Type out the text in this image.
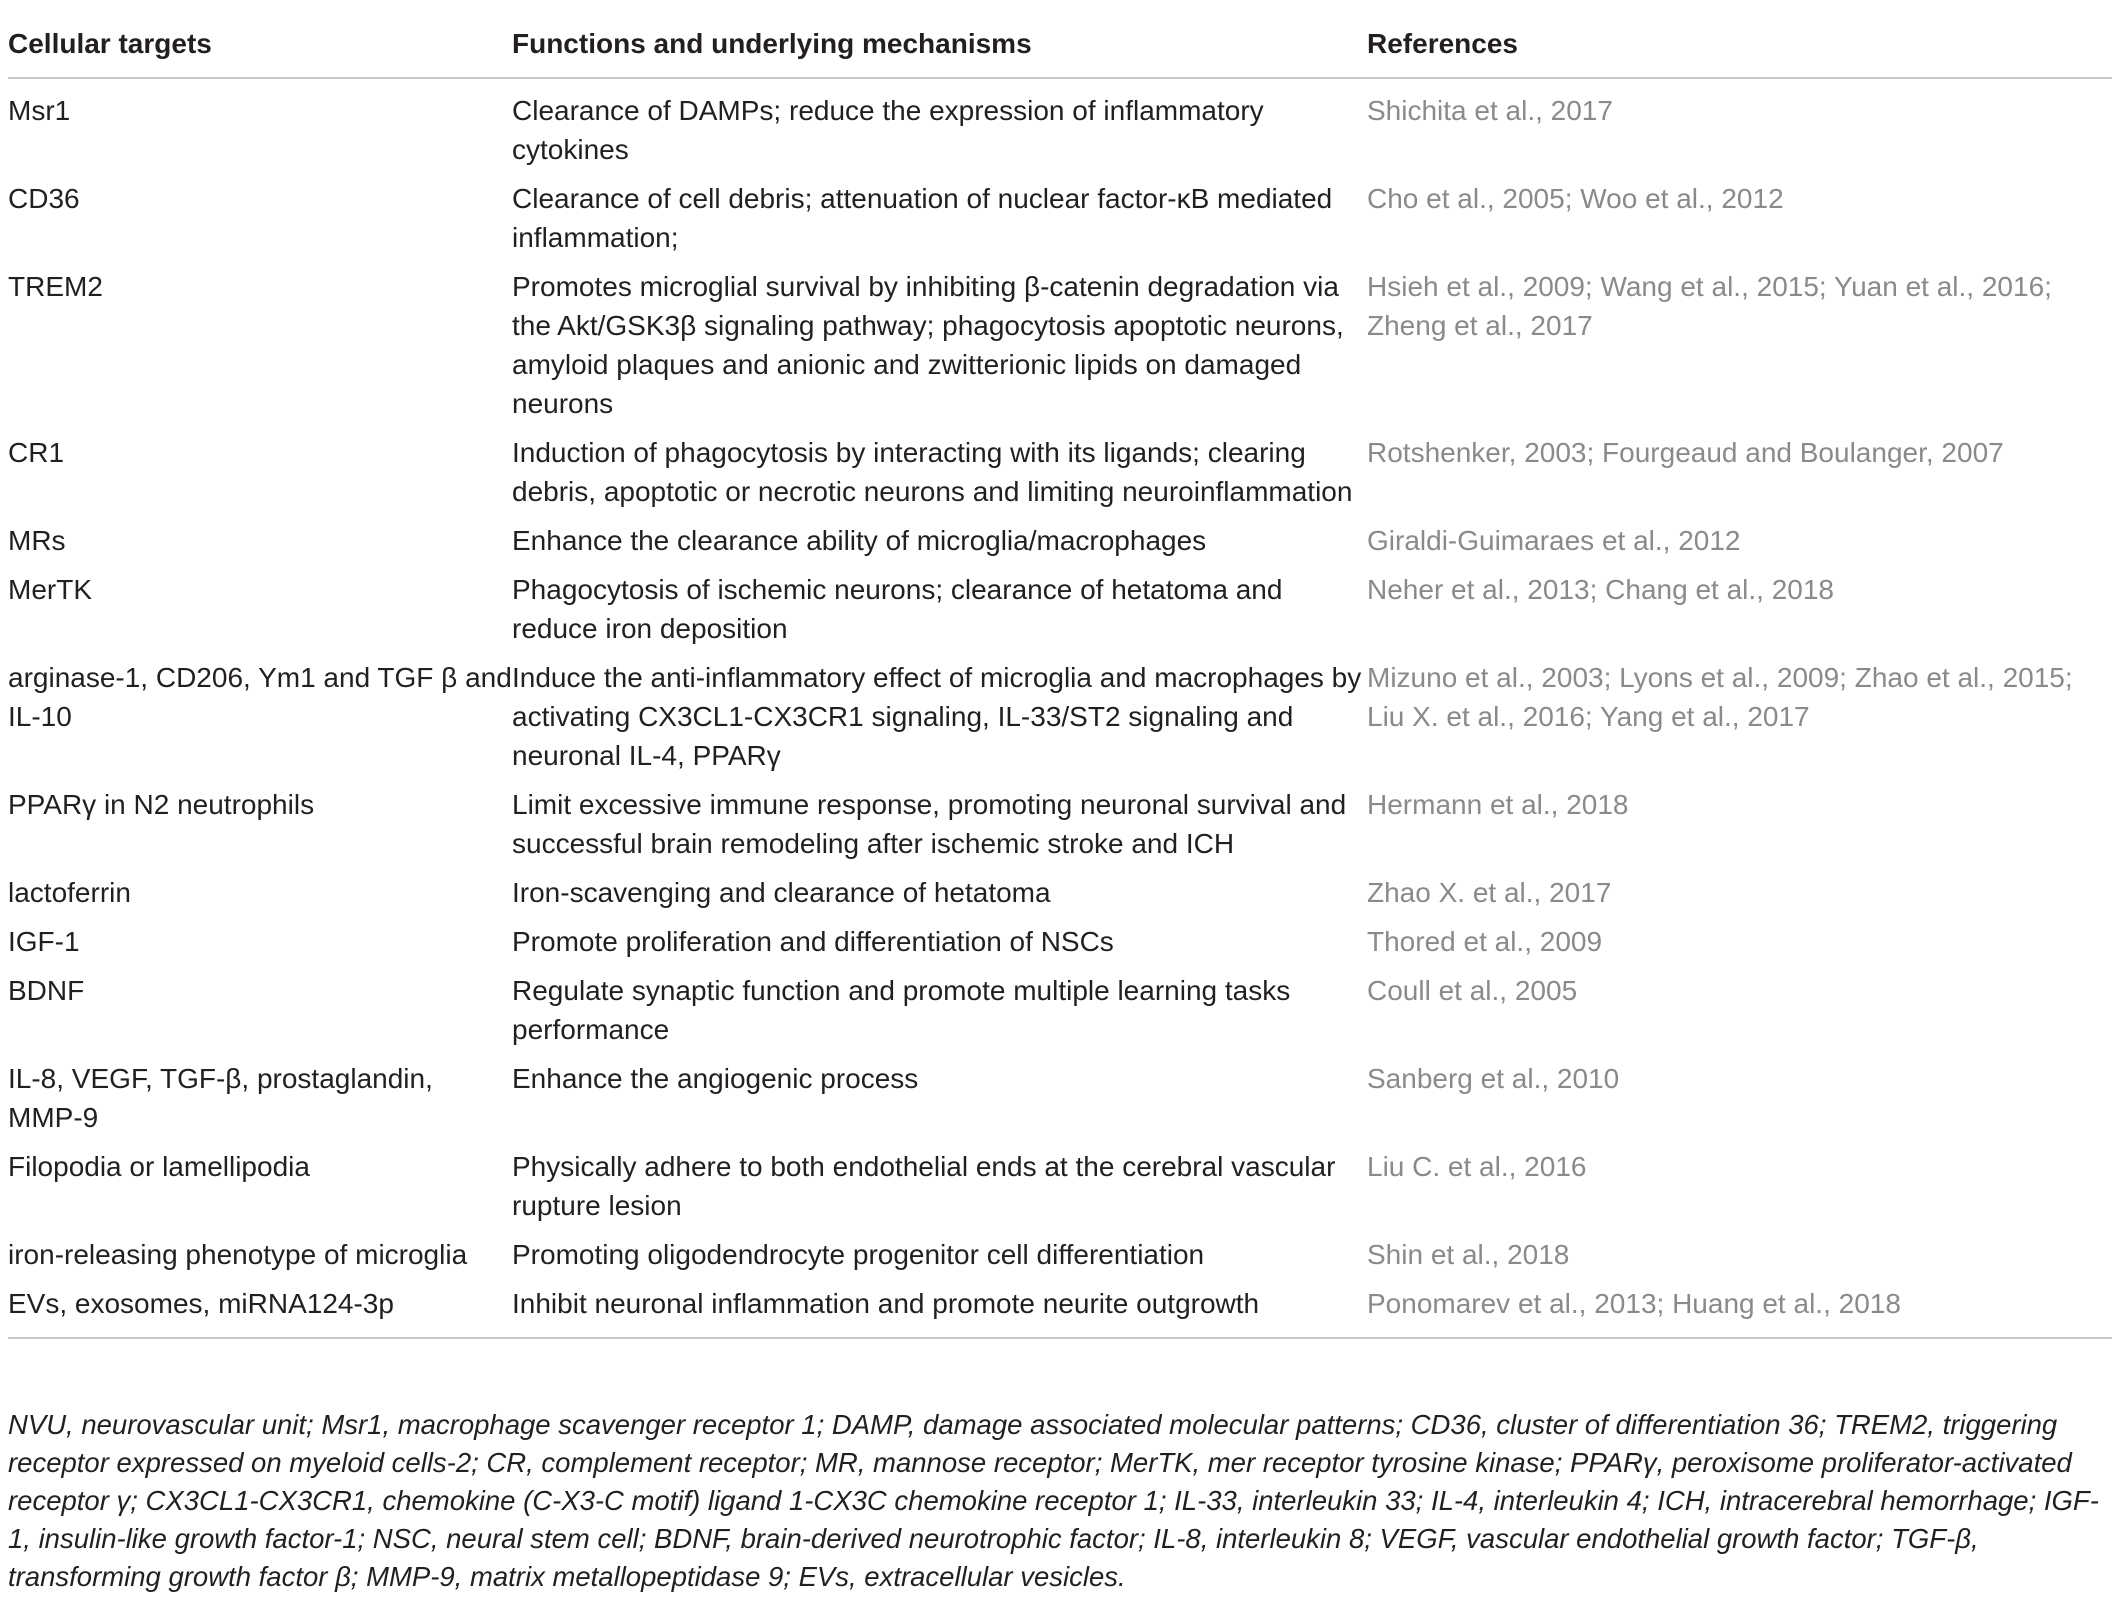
Cellular targets	Functions and underlying mechanisms	References
Msr1	Clearance of DAMPs; reduce the expression of inflammatory cytokines	Shichita et al., 2017
CD36	Clearance of cell debris; attenuation of nuclear factor-κB mediated inflammation;	Cho et al., 2005; Woo et al., 2012
TREM2	Promotes microglial survival by inhibiting β-catenin degradation via the Akt/GSK3β signaling pathway; phagocytosis apoptotic neurons, amyloid plaques and anionic and zwitterionic lipids on damaged neurons	Hsieh et al., 2009; Wang et al., 2015; Yuan et al., 2016; Zheng et al., 2017
CR1	Induction of phagocytosis by interacting with its ligands; clearing debris, apoptotic or necrotic neurons and limiting neuroinflammation	Rotshenker, 2003; Fourgeaud and Boulanger, 2007
MRs	Enhance the clearance ability of microglia/macrophages	Giraldi-Guimaraes et al., 2012
MerTK	Phagocytosis of ischemic neurons; clearance of hetatoma and reduce iron deposition	Neher et al., 2013; Chang et al., 2018
arginase-1, CD206, Ym1 and TGF β and IL-10	Induce the anti-inflammatory effect of microglia and macrophages by activating CX3CL1-CX3CR1 signaling, IL-33/ST2 signaling and neuronal IL-4, PPARγ	Mizuno et al., 2003; Lyons et al., 2009; Zhao et al., 2015; Liu X. et al., 2016; Yang et al., 2017
PPARγ in N2 neutrophils	Limit excessive immune response, promoting neuronal survival and successful brain remodeling after ischemic stroke and ICH	Hermann et al., 2018
lactoferrin	Iron-scavenging and clearance of hetatoma	Zhao X. et al., 2017
IGF-1	Promote proliferation and differentiation of NSCs	Thored et al., 2009
BDNF	Regulate synaptic function and promote multiple learning tasks performance	Coull et al., 2005
IL-8, VEGF, TGF-β, prostaglandin, MMP-9	Enhance the angiogenic process	Sanberg et al., 2010
Filopodia or lamellipodia	Physically adhere to both endothelial ends at the cerebral vascular rupture lesion	Liu C. et al., 2016
iron-releasing phenotype of microglia	Promoting oligodendrocyte progenitor cell differentiation	Shin et al., 2018
EVs, exosomes, miRNA124-3p	Inhibit neuronal inflammation and promote neurite outgrowth	Ponomarev et al., 2013; Huang et al., 2018
NVU, neurovascular unit; Msr1, macrophage scavenger receptor 1; DAMP, damage associated molecular patterns; CD36, cluster of differentiation 36; TREM2, triggering receptor expressed on myeloid cells-2; CR, complement receptor; MR, mannose receptor; MerTK, mer receptor tyrosine kinase; PPARγ, peroxisome proliferator-activated receptor γ; CX3CL1-CX3CR1, chemokine (C-X3-C motif) ligand 1-CX3C chemokine receptor 1; IL-33, interleukin 33; IL-4, interleukin 4; ICH, intracerebral hemorrhage; IGF-1, insulin-like growth factor-1; NSC, neural stem cell; BDNF, brain-derived neurotrophic factor; IL-8, interleukin 8; VEGF, vascular endothelial growth factor; TGF-β, transforming growth factor β; MMP-9, matrix metallopeptidase 9; EVs, extracellular vesicles.
